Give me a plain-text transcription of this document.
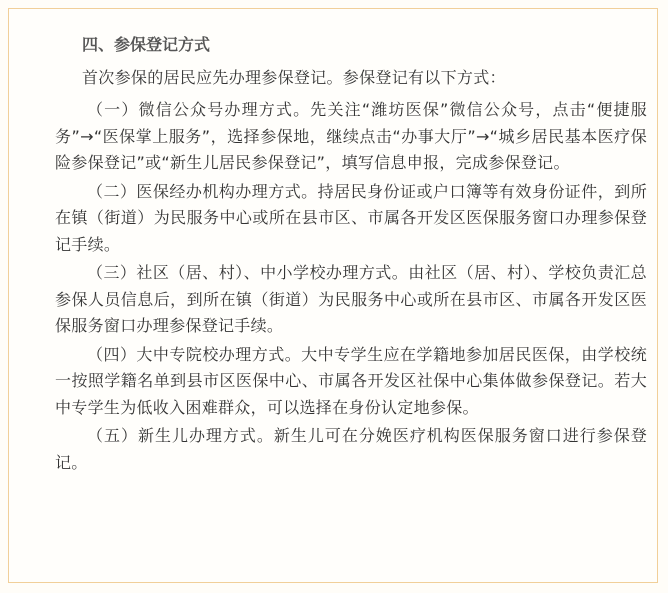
四、参保登记方式

首次参保的居民应先办理参保登记。参保登记有以下方式：

（一）微信公众号办理方式。先关注“潍坊医保”微信公众号，点击“便捷服务”→“医保掌上服务”，选择参保地，继续点击“办事大厅”→“城乡居民基本医疗保险参保登记”或“新生儿居民参保登记”，填写信息申报，完成参保登记。

（二）医保经办机构办理方式。持居民身份证或户口簿等有效身份证件，到所在镇（街道）为民服务中心或所在县市区、市属各开发区医保服务窗口办理参保登记手续。

（三）社区（居、村）、中小学校办理方式。由社区（居、村）、学校负责汇总参保人员信息后，到所在镇（街道）为民服务中心或所在县市区、市属各开发区医保服务窗口办理参保登记手续。

（四）大中专院校办理方式。大中专学生应在学籍地参加居民医保，由学校统一按照学籍名单到县市区医保中心、市属各开发区社保中心集体做参保登记。若大中专学生为低收入困难群众，可以选择在身份认定地参保。

（五）新生儿办理方式。新生儿可在分娩医疗机构医保服务窗口进行参保登记。
